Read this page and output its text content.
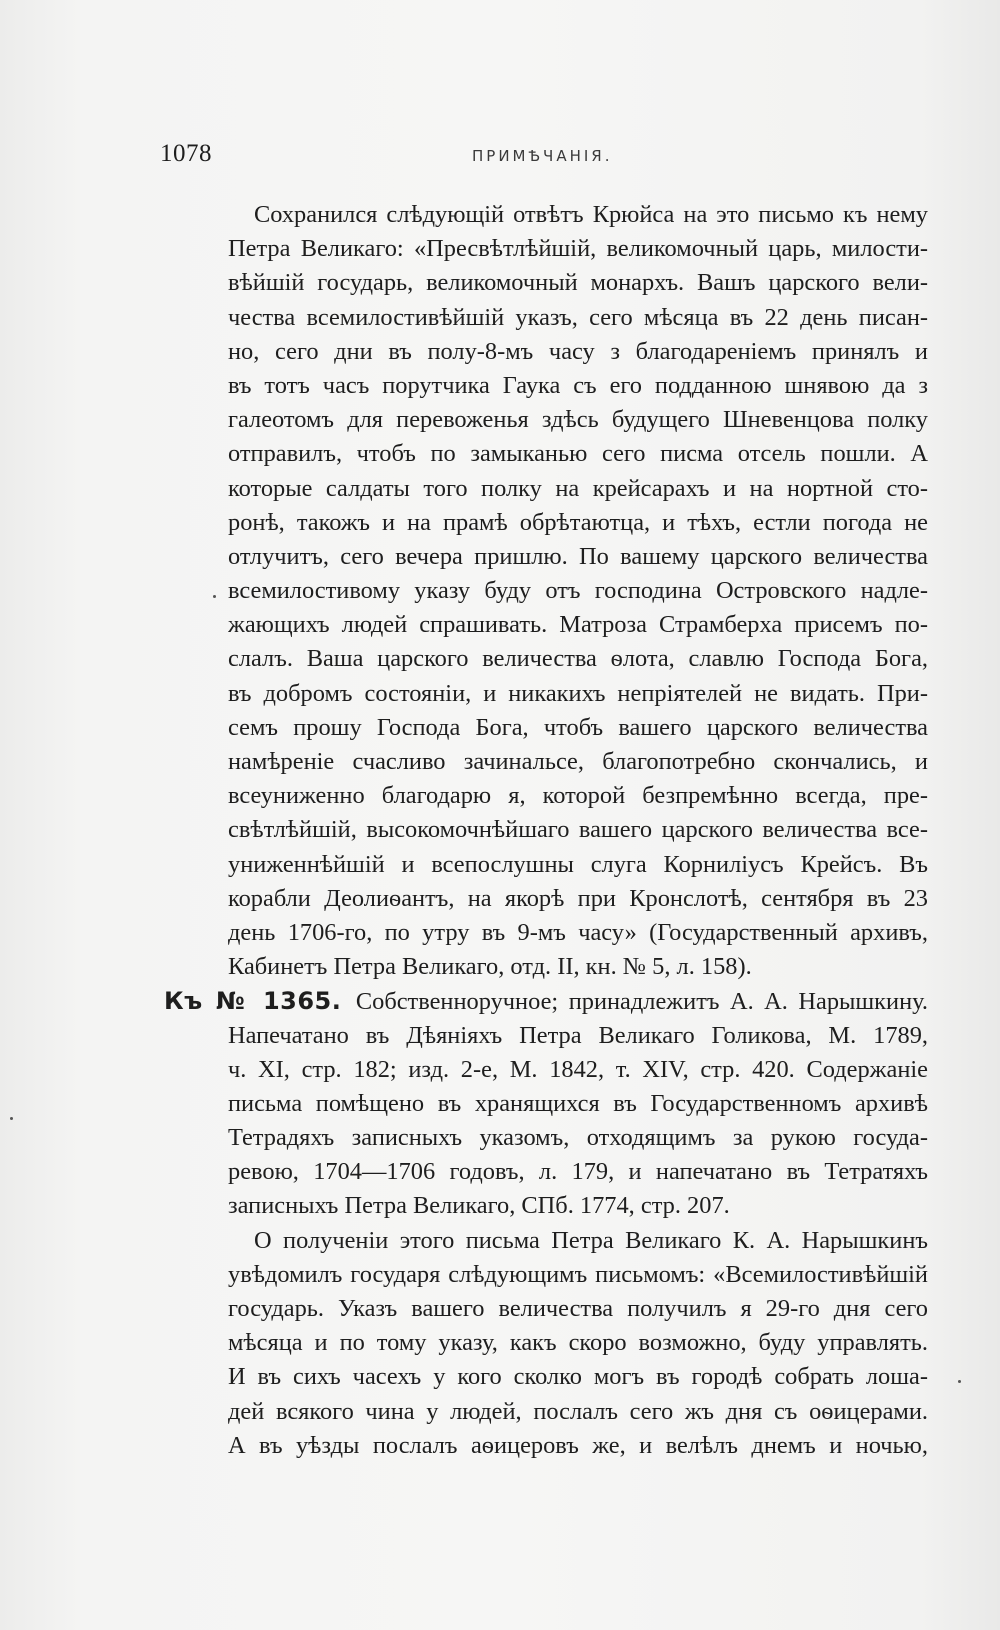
1078	ПРИМѢЧАНІЯ.
Сохранился слѣдующій отвѣтъ Крюйса на это письмо къ нему
Петра Великаго: «Пресвѣтлѣйшій, великомочный царь, милости-
вѣйшій государь, великомочный монархъ. Вашъ царского вели-
чества всемилостивѣйшій указъ, сего мѣсяца въ 22 день писан-
но, сего дни въ полу-8-мъ часу з благодареніемъ принялъ и
въ тотъ часъ порутчика Гаука съ его подданною шнявою да з
галеотомъ для перевоженья здѣсь будущего Шневенцова полку
отправилъ, чтобъ по замыканью сего писма отсель пошли. А
которые салдаты того полку на крейсарахъ и на нортной сто-
ронѣ, такожъ и на прамѣ обрѣтаютца, и тѣхъ, естли погода не
отлучитъ, сего вечера пришлю. По вашему царского величества
всемилостивому указу буду отъ господина Островского надле-
жающихъ людей спрашивать. Матроза Страмберха присемъ по-
слалъ. Ваша царского величества ѳлота, славлю Господа Бога,
въ добромъ состояніи, и никакихъ непріятелей не видать. При-
семъ прошу Господа Бога, чтобъ вашего царского величества
намѣреніе счасливо зачинальсе, благопотребно скончались, и
всеуниженно благодарю я, которой безпремѣнно всегда, пре-
свѣтлѣйшій, высокомочнѣйшаго вашего царского величества все-
униженнѣйшій и всепослушны слуга Корниліусъ Крейсъ. Въ
корабли Деолиѳантъ, на якорѣ при Кронслотѣ, сентября въ 23
день 1706-го, по утру въ 9-мъ часу» (Государственный архивъ,
Кабинетъ Петра Великаго, отд. II, кн. № 5, л. 158).
Къ № 1365. Собственноручное; принадлежитъ А. А. Нарышкину.
Напечатано въ Дѣяніяхъ Петра Великаго Голикова, М. 1789,
ч. XI, стр. 182; изд. 2-е, М. 1842, т. XIV, стр. 420. Содержаніе
письма помѣщено въ хранящихся въ Государственномъ архивѣ
Тетрадяхъ записныхъ указомъ, отходящимъ за рукою госуда-
ревою, 1704—1706 годовъ, л. 179, и напечатано въ Тетратяхъ
записныхъ Петра Великаго, СПб. 1774, стр. 207.
О полученіи этого письма Петра Великаго К. А. Нарышкинъ
увѣдомилъ государя слѣдующимъ письмомъ: «Всемилостивѣйшій
государь. Указъ вашего величества получилъ я 29-го дня сего
мѣсяца и по тому указу, какъ скоро возможно, буду управлять.
И въ сихъ часехъ у кого сколко могъ въ городѣ собрать лоша-
дей всякого чина у людей, послалъ сего жъ дня съ оѳицерами.
А въ уѣзды послалъ аѳицеровъ же, и велѣлъ днемъ и ночью,
